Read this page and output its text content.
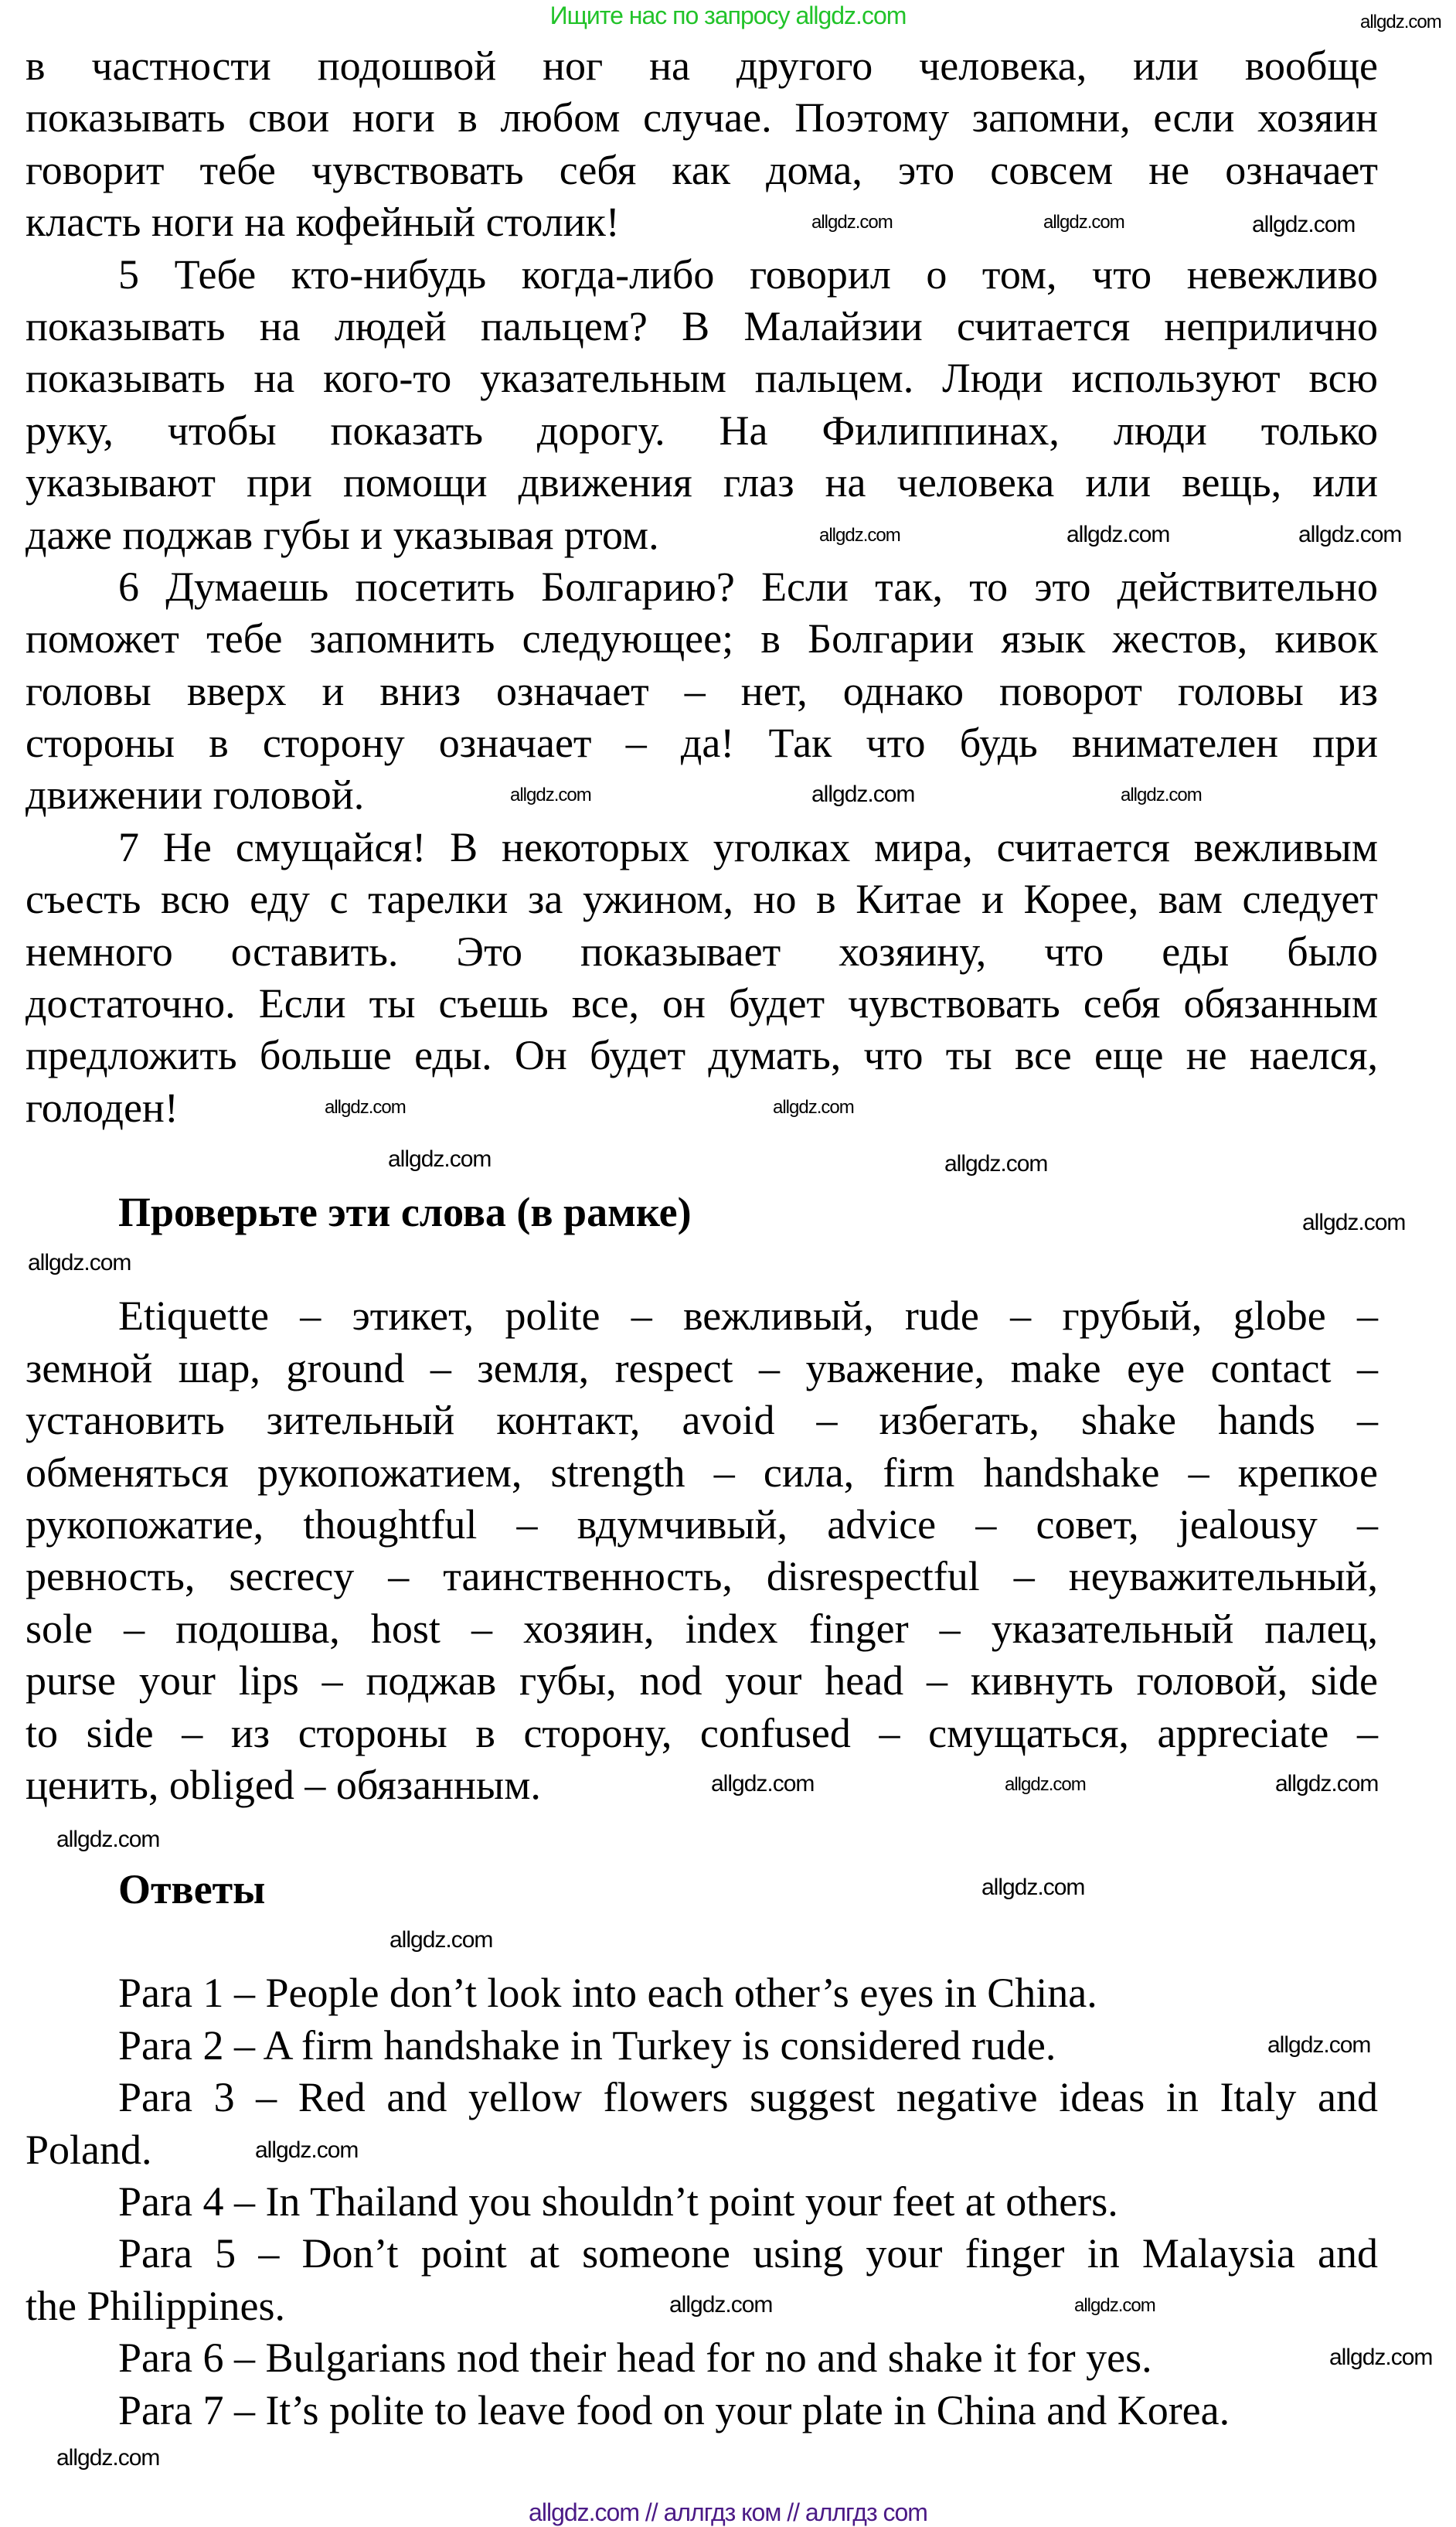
Ищите нас по запросу allgdz.com
в частности подошвой ног на другого человека, или вообще
показывать свои ноги в любом случае. Поэтому запомни, если хозяин
говорит тебе чувствовать себя как дома, это совсем не означает
класть ноги на кофейный столик!
5 Тебе кто-нибудь когда-либо говорил о том, что невежливо
показывать на людей пальцем? В Малайзии считается неприлично
показывать на кого-то указательным пальцем. Люди используют всю
руку, чтобы показать дорогу. На Филиппинах, люди только
указывают при помощи движения глаз на человека или вещь, или
даже поджав губы и указывая ртом.
6 Думаешь посетить Болгарию? Если так, то это действительно
поможет тебе запомнить следующее; в Болгарии язык жестов, кивок
головы вверх и вниз означает – нет, однако поворот головы из
стороны в сторону означает – да! Так что будь внимателен при
движении головой.
7 Не смущайся! В некоторых уголках мира, считается вежливым
съесть всю еду с тарелки за ужином, но в Китае и Корее, вам следует
немного оставить. Это показывает хозяину, что еды было
достаточно. Если ты съешь все, он будет чувствовать себя обязанным
предложить больше еды. Он будет думать, что ты все еще не наелся,
голоден!
Проверьте эти слова (в рамке)
Etiquette – этикет, polite – вежливый, rude – грубый, globe –
земной шар, ground – земля, respect – уважение, make eye contact –
установить зительный контакт, avoid – избегать, shake hands –
обменяться рукопожатием, strength – сила, firm handshake – крепкое
рукопожатие, thoughtful – вдумчивый, advice – совет, jealousy –
ревность, secrecy – таинственность, disrespectful – неуважительный,
sole – подошва, host – хозяин, index finger – указательный палец,
purse your lips – поджав губы, nod your head – кивнуть головой, side
to side – из стороны в сторону, confused – смущаться, appreciate –
ценить, obliged – обязанным.
Ответы
Para 1 – People don’t look into each other’s eyes in China.
Para 2 – A firm handshake in Turkey is considered rude.
Para 3 – Red and yellow flowers suggest negative ideas in Italy and
Poland.
Para 4 – In Thailand you shouldn’t point your feet at others.
Para 5 – Don’t point at someone using your finger in Malaysia and
the Philippines.
Para 6 – Bulgarians nod their head for no and shake it for yes.
Para 7 – It’s polite to leave food on your plate in China and Korea.
allgdz.com
allgdz.com	allgdz.com	allgdz.com
allgdz.com	allgdz.com	allgdz.com
allgdz.com	allgdz.com
allgdz.com
allgdz.com
allgdz.com
allgdz.com	allgdz.com
allgdz.com
allgdz.com
allgdz.com	allgdz.com
allgdz.com
allgdz.com
allgdz.com
allgdz.com
allgdz.com
allgdz.com
allgdz.com
allgdz.com
allgdz.com
allgdz.com
allgdz.com // аллгдз ком // аллгдз com
